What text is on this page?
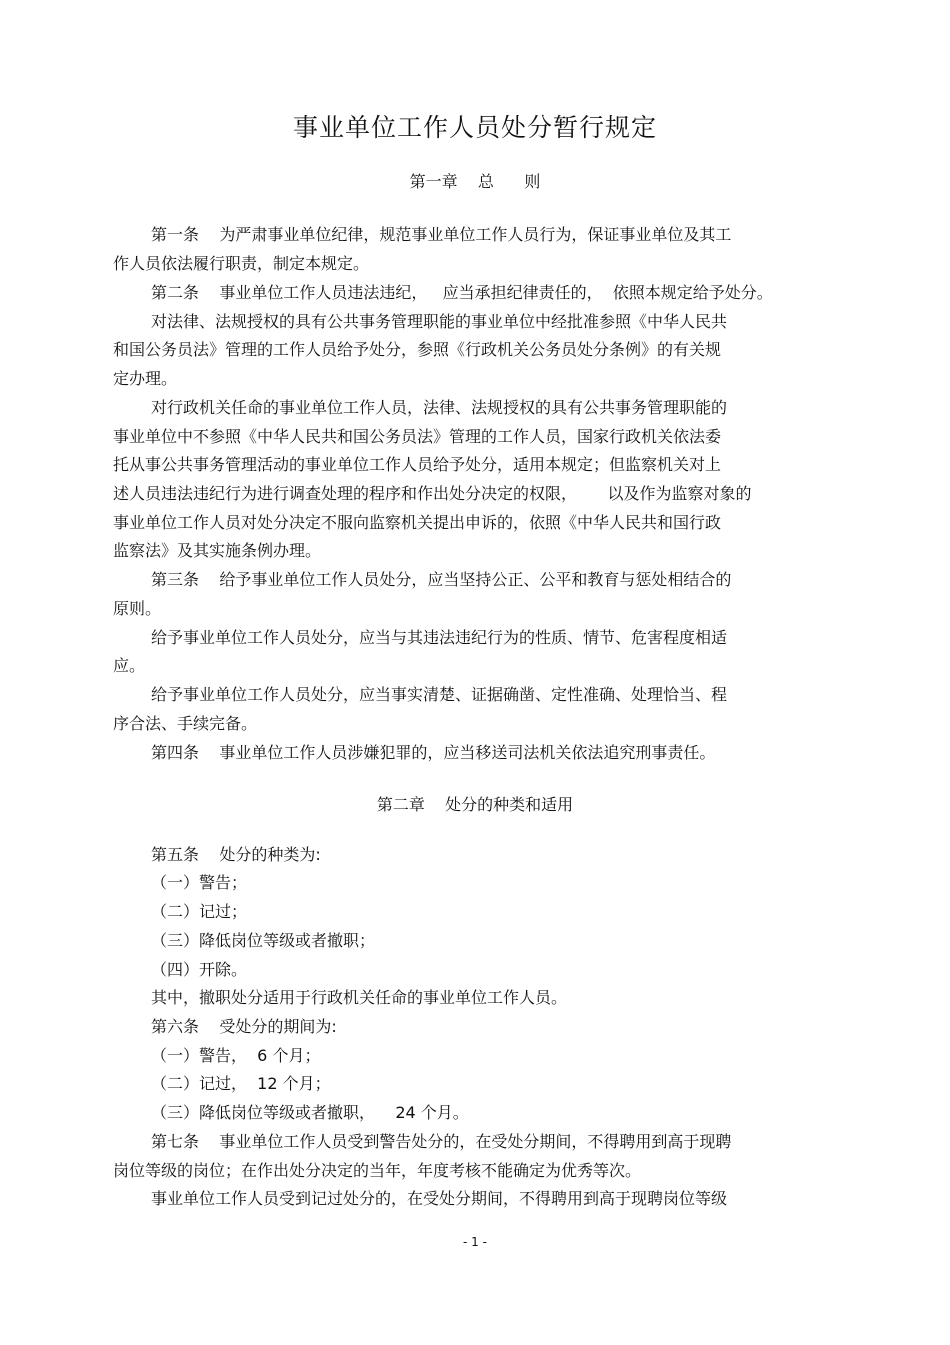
事业单位工作人员处分暂行规定
第一章    总      则
第一条    为严肃事业单位纪律，规范事业单位工作人员行为，保证事业单位及其工
作人员依法履行职责，制定本规定。
第二条    事业单位工作人员违法违纪，   应当承担纪律责任的，  依照本规定给予处分。
对法律、法规授权的具有公共事务管理职能的事业单位中经批准参照《中华人民共
和国公务员法》管理的工作人员给予处分，参照《行政机关公务员处分条例》的有关规
定办理。
对行政机关任命的事业单位工作人员，法律、法规授权的具有公共事务管理职能的
事业单位中不参照《中华人民共和国公务员法》管理的工作人员，国家行政机关依法委
托从事公共事务管理活动的事业单位工作人员给予处分，适用本规定；但监察机关对上
述人员违法违纪行为进行调查处理的程序和作出处分决定的权限，      以及作为监察对象的
事业单位工作人员对处分决定不服向监察机关提出申诉的，依照《中华人民共和国行政
监察法》及其实施条例办理。
第三条    给予事业单位工作人员处分，应当坚持公正、公平和教育与惩处相结合的
原则。
给予事业单位工作人员处分，应当与其违法违纪行为的性质、情节、危害程度相适
应。
给予事业单位工作人员处分，应当事实清楚、证据确凿、定性准确、处理恰当、程
序合法、手续完备。
第四条    事业单位工作人员涉嫌犯罪的，应当移送司法机关依法追究刑事责任。
第二章    处分的种类和适用
第五条    处分的种类为:
（一）警告；
（二）记过；
（三）降低岗位等级或者撤职；
（四）开除。
其中，撤职处分适用于行政机关任命的事业单位工作人员。
第六条    受处分的期间为:
（一）警告，  6 个月；
（二）记过，  12 个月；
（三）降低岗位等级或者撤职，    24 个月。
第七条    事业单位工作人员受到警告处分的，在受处分期间，不得聘用到高于现聘
岗位等级的岗位；在作出处分决定的当年，年度考核不能确定为优秀等次。
事业单位工作人员受到记过处分的，在受处分期间，不得聘用到高于现聘岗位等级
- 1 -
